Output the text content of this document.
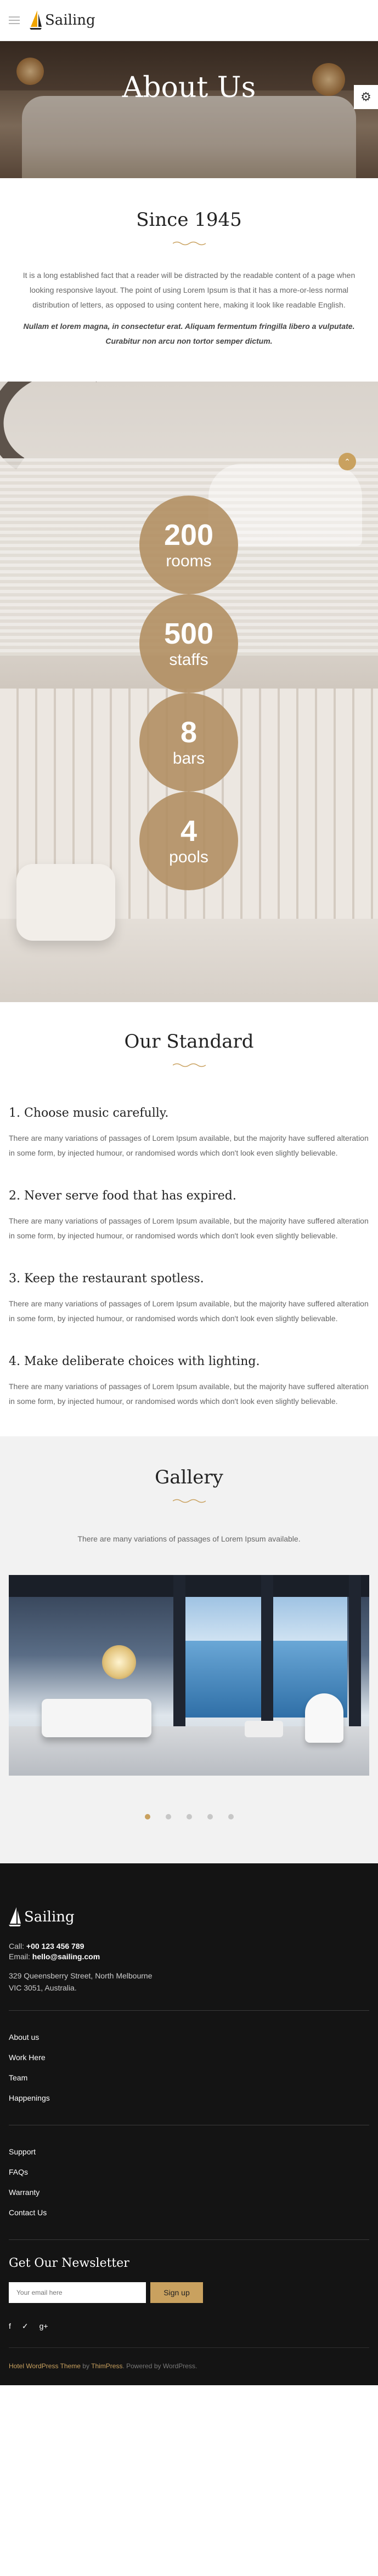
Sailing
About Us	⚙
Since 1945

It is a long established fact that a reader will be distracted by the readable content of a page when looking responsive layout. The point of using Lorem Ipsum is that it has a more-or-less normal distribution of letters, as opposed to using content here, making it look like readable English.

Nullam et lorem magna, in consectetur erat. Aliquam fermentum fringilla libero a vulputate. Curabitur non arcu non tortor semper dictum.

⌃
200
rooms
500
staffs
8
bars
4
pools
Our Standard
1. Choose music carefully.

There are many variations of passages of Lorem Ipsum available, but the majority have suffered alteration in some form, by injected humour, or randomised words which don't look even slightly believable.

2. Never serve food that has expired.

There are many variations of passages of Lorem Ipsum available, but the majority have suffered alteration in some form, by injected humour, or randomised words which don't look even slightly believable.

3. Keep the restaurant spotless.

There are many variations of passages of Lorem Ipsum available, but the majority have suffered alteration in some form, by injected humour, or randomised words which don't look even slightly believable.

4. Make deliberate choices with lighting.

There are many variations of passages of Lorem Ipsum available, but the majority have suffered alteration in some form, by injected humour, or randomised words which don't look even slightly believable.

Gallery

There are many variations of passages of Lorem Ipsum available.

Sailing
Call: +00 123 456 789
Email: hello@sailing.com
329 Queensberry Street, North Melbourne
VIC 3051, Australia.
About us
Work Here
Team
Happenings
Support
FAQs
Warranty
Contact Us
Get Our Newsletter
Your email here
Sign up
f ✓ g+
Hotel WordPress Theme by ThimPress. Powered by WordPress.
